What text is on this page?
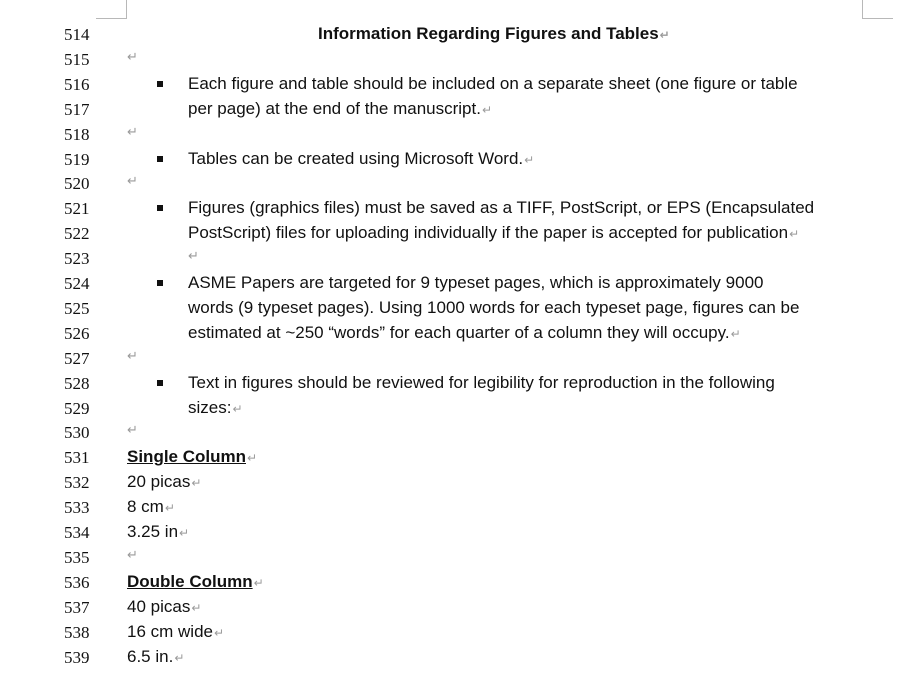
514	Information Regarding Figures and Tables↵
515	↵
516	Each figure and table should be included on a separate sheet (one figure or table
517	per page) at the end of the manuscript.↵
518	↵
519	Tables can be created using Microsoft Word.↵
520	↵
521	Figures (graphics files) must be saved as a TIFF, PostScript, or EPS (Encapsulated
522	PostScript) files for uploading individually if the paper is accepted for publication↵
523	↵
524	ASME Papers are targeted for 9 typeset pages, which is approximately 9000
525	words (9 typeset pages). Using 1000 words for each typeset page, figures can be
526	estimated at ~250 “words” for each quarter of a column they will occupy.↵
527	↵
528	Text in figures should be reviewed for legibility for reproduction in the following
529	sizes:↵
530	↵
531 Single Column↵
532 20 picas↵
533 8 cm↵
534 3.25 in↵
535	↵
536 Double Column↵
537 40 picas↵
538 16 cm wide↵
539 6.5 in.↵
